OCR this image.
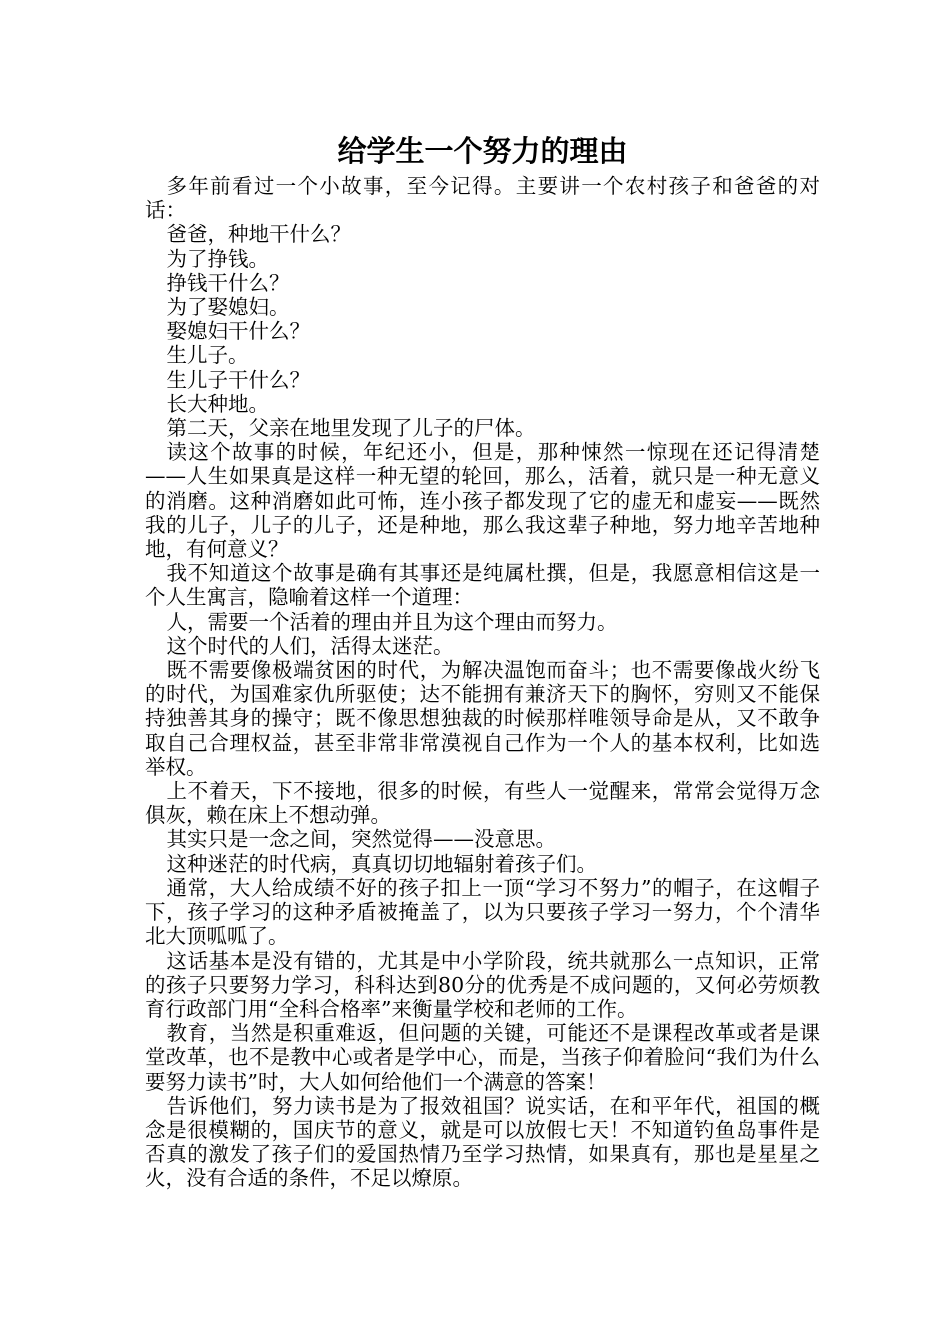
给学生一个努力的理由

多年前看过一个小故事，至今记得。主要讲一个农村孩子和爸爸的对话：

爸爸，种地干什么？

为了挣钱。

挣钱干什么？

为了娶媳妇。

娶媳妇干什么？

生儿子。

生儿子干什么？

长大种地。

第二天，父亲在地里发现了儿子的尸体。

读这个故事的时候，年纪还小，但是，那种悚然一惊现在还记得清楚——人生如果真是这样一种无望的轮回，那么，活着，就只是一种无意义的消磨。这种消磨如此可怖，连小孩子都发现了它的虚无和虚妄——既然我的儿子，儿子的儿子，还是种地，那么我这辈子种地，努力地辛苦地种地，有何意义？

我不知道这个故事是确有其事还是纯属杜撰，但是，我愿意相信这是一个人生寓言，隐喻着这样一个道理：

人，需要一个活着的理由并且为这个理由而努力。

这个时代的人们，活得太迷茫。

既不需要像极端贫困的时代，为解决温饱而奋斗；也不需要像战火纷飞的时代，为国难家仇所驱使；达不能拥有兼济天下的胸怀，穷则又不能保持独善其身的操守；既不像思想独裁的时候那样唯领导命是从，又不敢争取自己合理权益，甚至非常非常漠视自己作为一个人的基本权利，比如选举权。

上不着天，下不接地，很多的时候，有些人一觉醒来，常常会觉得万念俱灰，赖在床上不想动弹。

其实只是一念之间，突然觉得——没意思。

这种迷茫的时代病，真真切切地辐射着孩子们。

通常，大人给成绩不好的孩子扣上一顶“学习不努力”的帽子，在这帽子下，孩子学习的这种矛盾被掩盖了，以为只要孩子学习一努力，个个清华北大顶呱呱了。

这话基本是没有错的，尤其是中小学阶段，统共就那么一点知识，正常的孩子只要努力学习，科科达到80分的优秀是不成问题的，又何必劳烦教育行政部门用“全科合格率”来衡量学校和老师的工作。

教育，当然是积重难返，但问题的关键，可能还不是课程改革或者是课堂改革，也不是教中心或者是学中心，而是，当孩子仰着脸问“我们为什么要努力读书”时，大人如何给他们一个满意的答案！

告诉他们，努力读书是为了报效祖国？说实话，在和平年代，祖国的概念是很模糊的，国庆节的意义，就是可以放假七天！不知道钓鱼岛事件是否真的激发了孩子们的爱国热情乃至学习热情，如果真有，那也是星星之火，没有合适的条件，不足以燎原。
